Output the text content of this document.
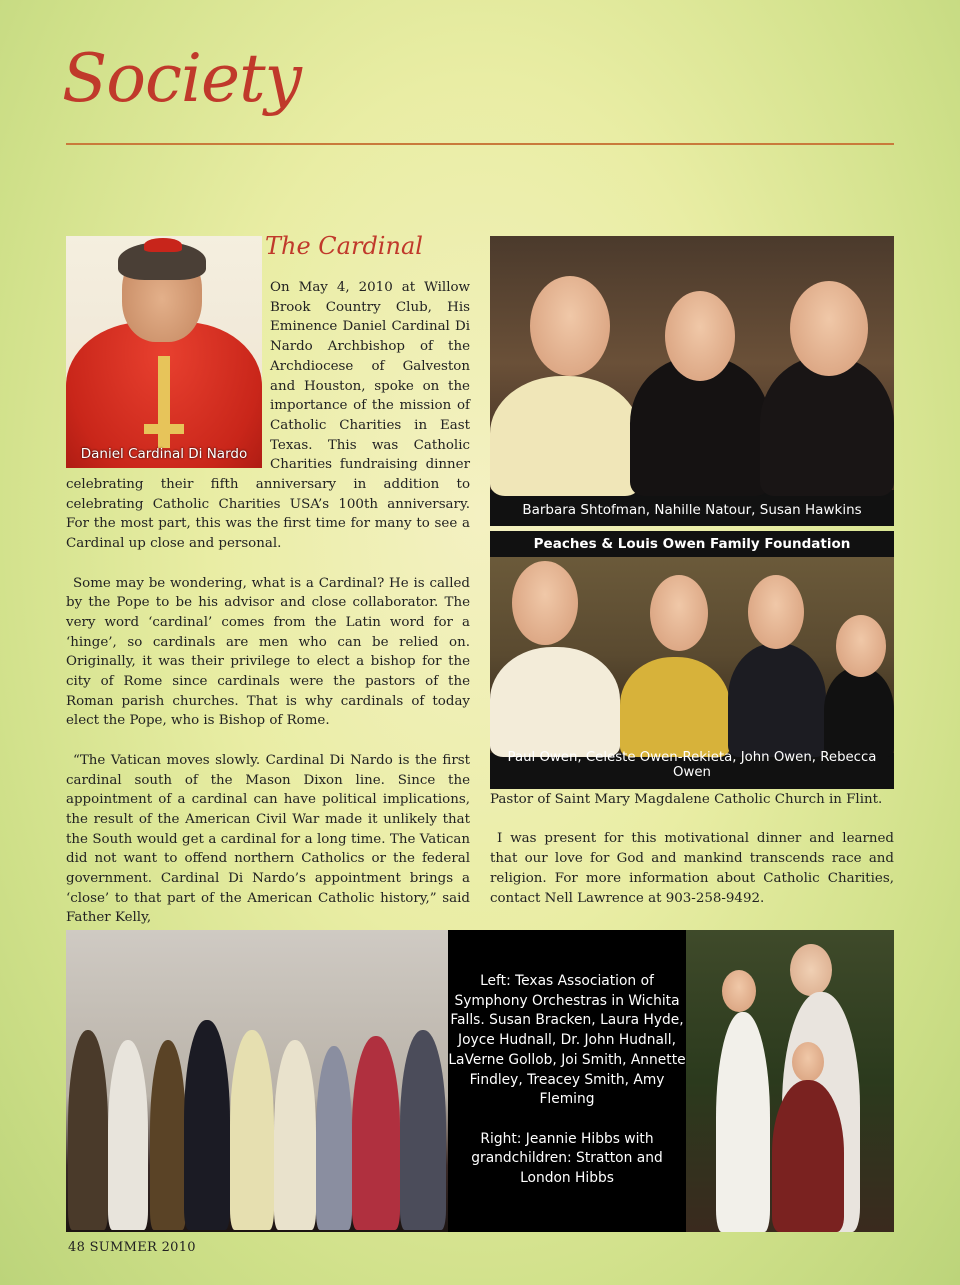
Society
Daniel Cardinal Di Nardo
The Cardinal

On May 4, 2010 at Willow Brook Country Club, His Eminence Daniel Cardinal Di Nardo Archbishop of the Archdiocese of Galveston and Houston, spoke on the importance of the mission of Catholic Charities in East Texas. This was Catholic Charities fundraising dinner celebrating their fifth anniversary in addition to celebrating Catholic Charities USA’s 100th anniversary. For the most part, this was the first time for many to see a Cardinal up close and personal.

Some may be wondering, what is a Cardinal? He is called by the Pope to be his advisor and close collaborator. The very word ‘cardinal’ comes from the Latin word for a ‘hinge’, so cardinals are men who can be relied on. Originally, it was their privilege to elect a bishop for the city of Rome since cardinals were the pastors of the Roman parish churches. That is why cardinals of today elect the Pope, who is Bishop of Rome.

“The Vatican moves slowly. Cardinal Di Nardo is the first cardinal south of the Mason Dixon line. Since the appointment of a cardinal can have political implications, the result of the American Civil War made it unlikely that the South would get a cardinal for a long time. The Vatican did not want to offend northern Catholics or the federal government. Cardinal Di Nardo’s appointment brings a ‘close’ to that part of the American Catholic history,” said Father Kelly,

Barbara Shtofman, Nahille Natour, Susan Hawkins
Peaches & Louis Owen Family Foundation
Paul Owen, Celeste Owen-Rekieta, John Owen, Rebecca Owen

Pastor of Saint Mary Magdalene Catholic Church in Flint.

I was present for this motivational dinner and learned that our love for God and mankind transcends race and religion. For more information about Catholic Charities, contact Nell Lawrence at 903-258-9492.

Left: Texas Association of Symphony Orchestras in Wichita Falls. Susan Bracken, Laura Hyde, Joyce Hudnall, Dr. John Hudnall, LaVerne Gollob, Joi Smith, Annette Findley, Treacey Smith, Amy Fleming

Right: Jeannie Hibbs with grandchildren: Stratton and London Hibbs

48 SUMMER 2010
